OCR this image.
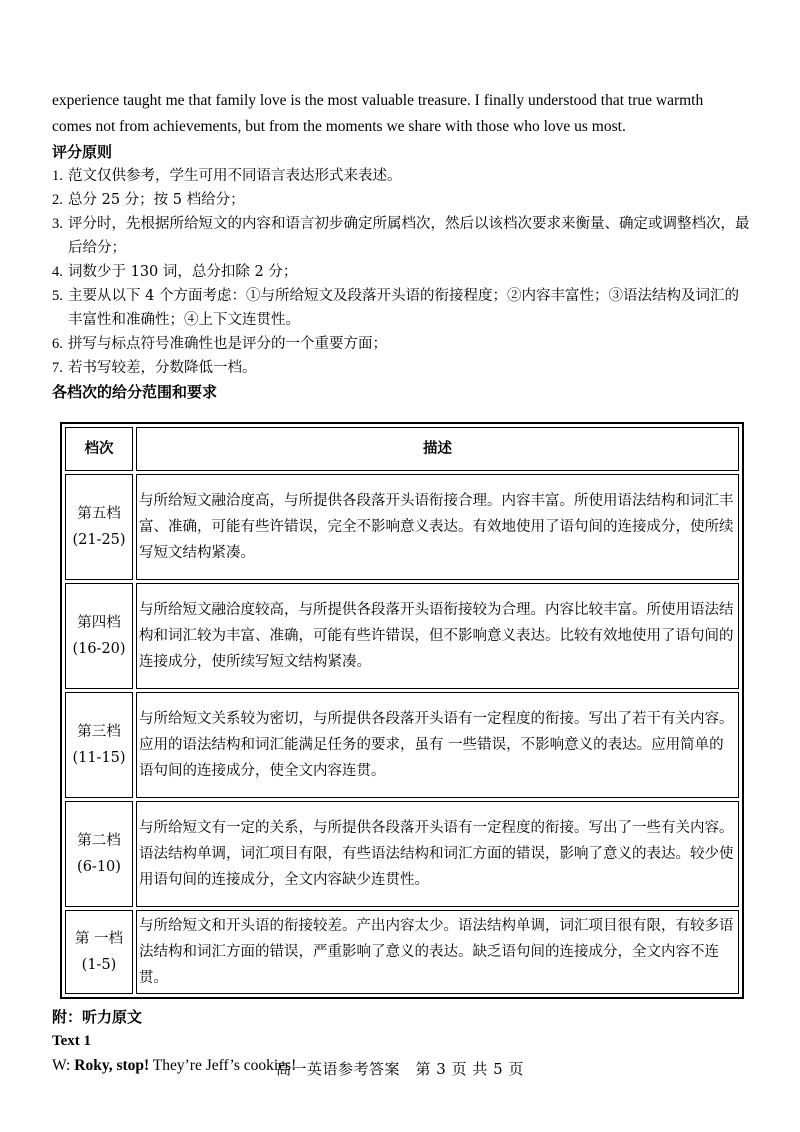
experience taught me that family love is the most valuable treasure. I finally understood that true warmth

comes not from achievements, but from the moments we share with those who love us most.

评分原则

1. 范文仅供参考，学生可用不同语言表达形式来表述。
2. 总分 25 分；按 5 档给分；
3. 评分时，先根据所给短文的内容和语言初步确定所属档次，然后以该档次要求来衡量、确定或调整档次，最后给分；
4. 词数少于 130 词，总分扣除 2 分；
5. 主要从以下 4 个方面考虑：①与所给短文及段落开头语的衔接程度；②内容丰富性；③语法结构及词汇的丰富性和准确性；④上下文连贯性。
6. 拼写与标点符号准确性也是评分的一个重要方面；
7. 若书写较差，分数降低一档。

各档次的给分范围和要求

档次	描述

第五档
(21-25)	与所给短文融洽度高，与所提供各段落开头语衔接合理。内容丰富。所使用语法结构和词汇丰富、准确，可能有些许错误，完全不影响意义表达。有效地使用了语句间的连接成分，使所续写短文结构紧凑。

第四档
(16-20)	与所给短文融洽度较高，与所提供各段落开头语衔接较为合理。内容比较丰富。所使用语法结构和词汇较为丰富、准确，可能有些许错误，但不影响意义表达。比较有效地使用了语句间的连接成分，使所续写短文结构紧凑。

第三档
(11-15)	与所给短文关系较为密切，与所提供各段落开头语有一定程度的衔接。写出了若干有关内容。应用的语法结构和词汇能满足任务的要求，虽有 一些错误，不影响意义的表达。应用简单的语句间的连接成分，使全文内容连贯。

第二档
(6-10)	与所给短文有一定的关系，与所提供各段落开头语有一定程度的衔接。写出了一些有关内容。语法结构单调，词汇项目有限，有些语法结构和词汇方面的错误，影响了意义的表达。较少使用语句间的连接成分，全文内容缺少连贯性。

第 一档
(1-5)	与所给短文和开头语的衔接较差。产出内容太少。语法结构单调，词汇项目很有限，有较多语法结构和词汇方面的错误，严重影响了意义的表达。缺乏语句间的连接成分，全文内容不连贯。

附：听力原文

Text 1

W: Roky, stop! They’re Jeff’s cookies!

高一英语参考答案　第 3 页 共 5 页
